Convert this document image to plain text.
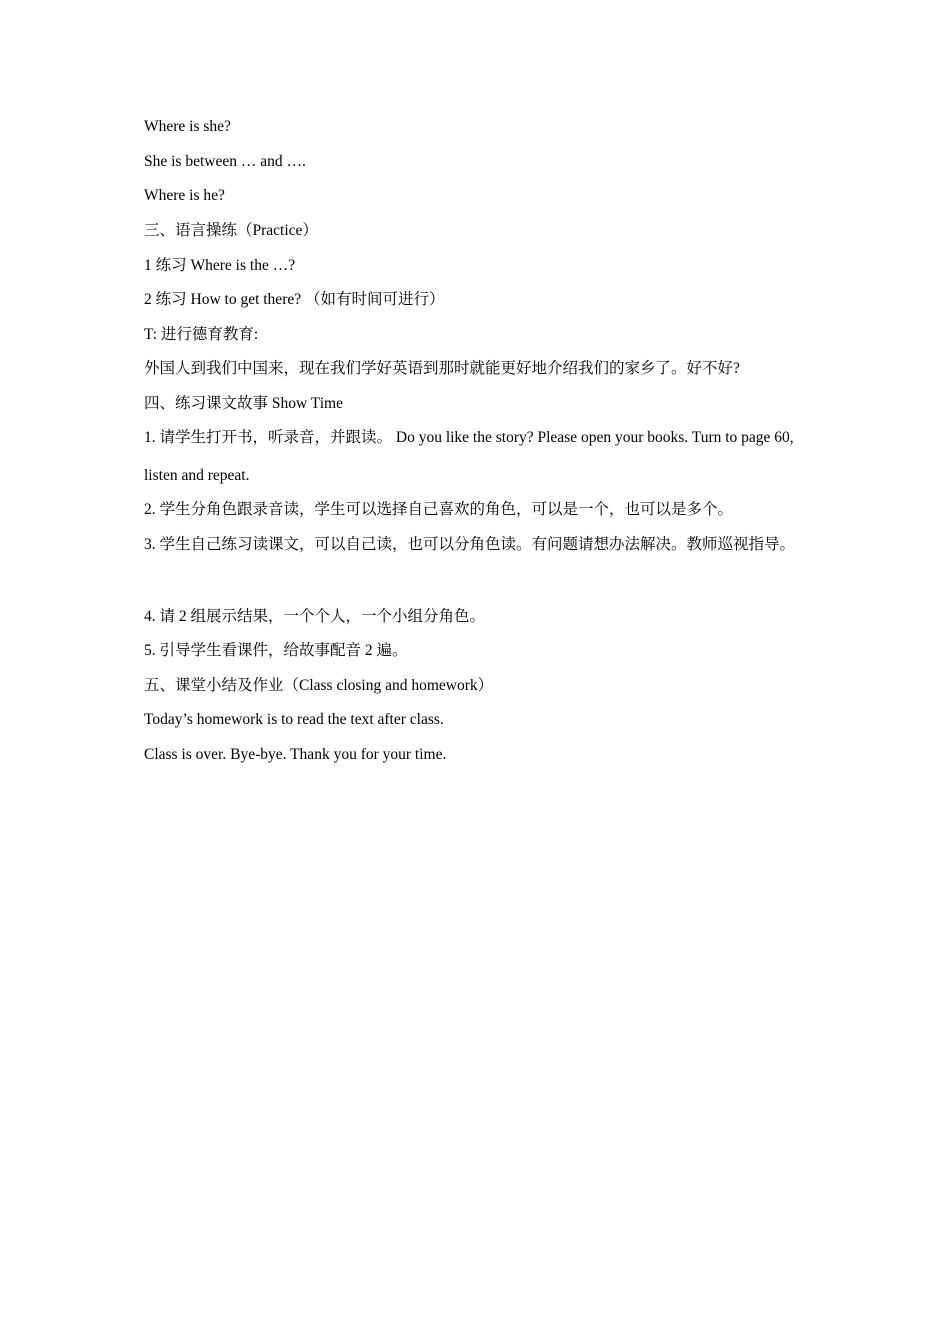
Where is she?
She is between … and ….
Where is he?
三、语言操练（Practice）
1 练习 Where is the …?
2 练习 How to get there? （如有时间可进行）
T: 进行德育教育:
外国人到我们中国来，现在我们学好英语到那时就能更好地介绍我们的家乡了。好不好?
四、练习课文故事 Show Time
1. 请学生打开书，听录音，并跟读。 Do you like the story? Please open your books. Turn to page 60, listen and repeat.
2. 学生分角色跟录音读，学生可以选择自己喜欢的角色，可以是一个，也可以是多个。
3. 学生自己练习读课文，可以自己读，也可以分角色读。有问题请想办法解决。教师巡视指导。
4. 请 2 组展示结果，一个个人，一个小组分角色。
5. 引导学生看课件，给故事配音 2 遍。
五、课堂小结及作业（Class closing and homework）
Today’s homework is to read the text after class.
Class is over. Bye-bye. Thank you for your time.
